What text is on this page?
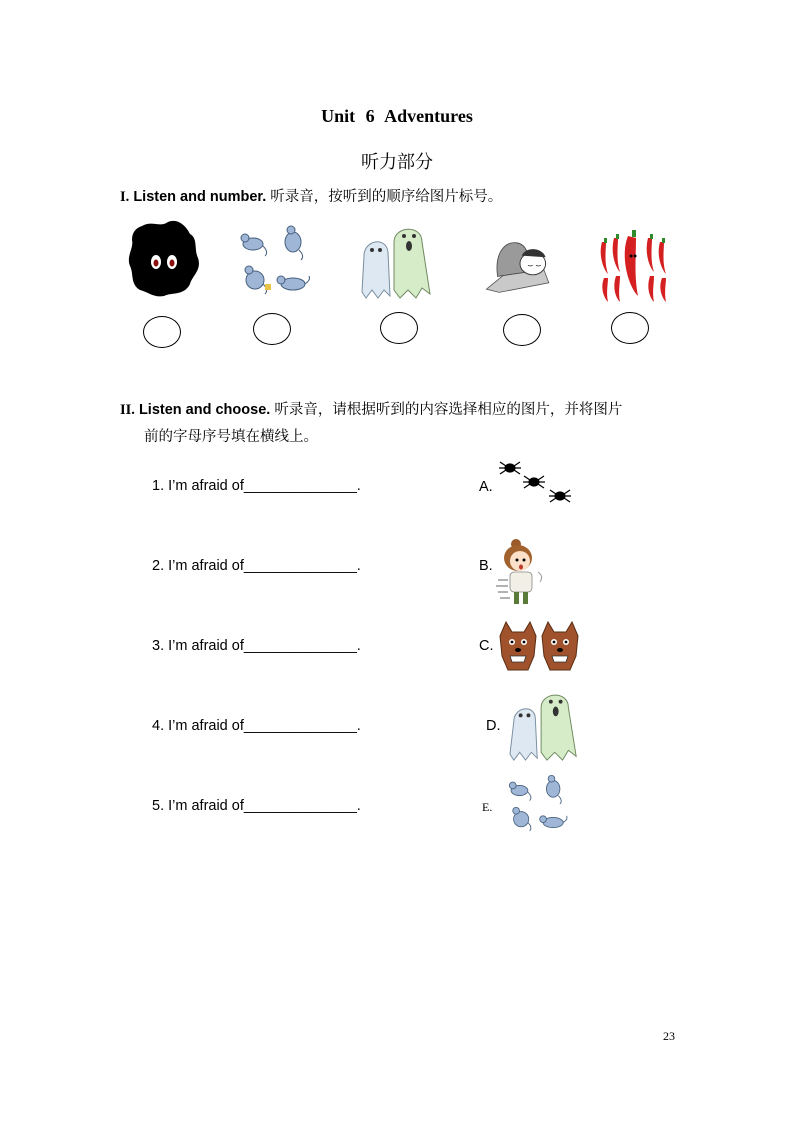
Unit 6 Adventures
听力部分
I. Listen and number. 听录音，按听到的顺序给图片标号。
II. Listen and choose. 听录音，请根据听到的内容选择相应的图片，并将图片
前的字母序号填在横线上。
1. I’m afraid of______________.
2. I’m afraid of______________.
3. I’m afraid of______________.
4. I’m afraid of______________.
5. I’m afraid of______________.
A.
B.
C.
D.
E.
23
